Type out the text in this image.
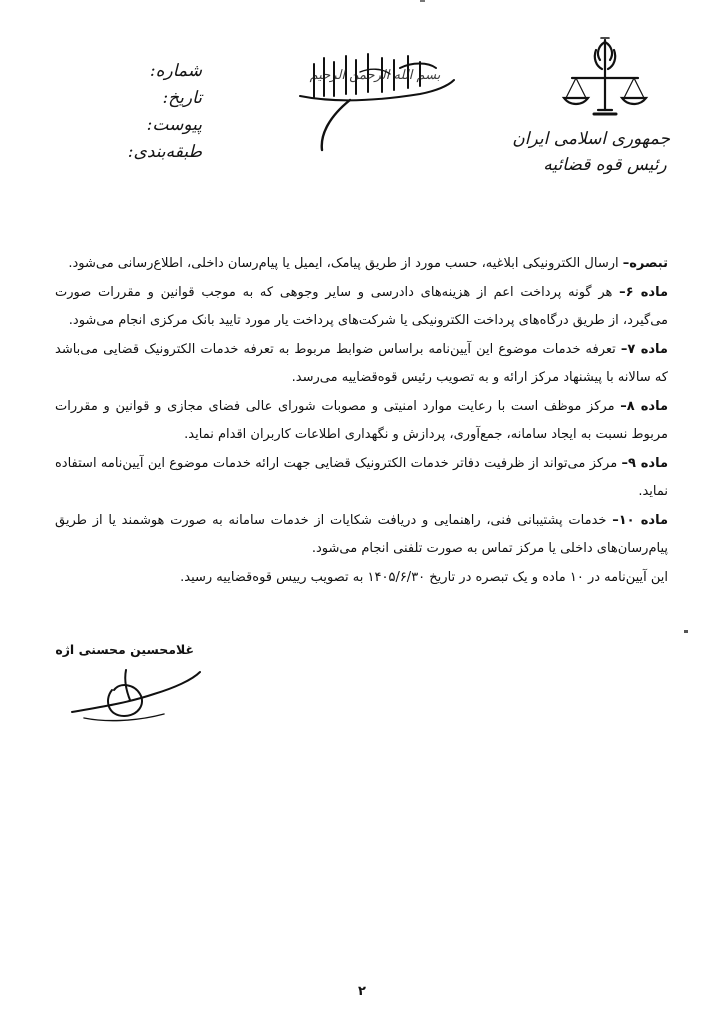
جمهوری اسلامی ایران
رئیس قوه قضائیه
بسم الله الرحمن الرحیم
شماره:
تاریخ:
پیوست:
طبقه‌بندی:

تبصره– ارسال الکترونیکی ابلاغیه، حسب مورد از طریق پیامک، ایمیل یا پیام‌رسان داخلی، اطلاع‌رسانی می‌شود.

ماده ۶– هر گونه پرداخت اعم از هزینه‌های دادرسی و سایر وجوهی که به موجب قوانین و مقررات صورت می‌گیرد، از طریق درگاه‌های پرداخت الکترونیکی یا شرکت‌های پرداخت یار مورد تایید بانک مرکزی انجام می‌شود.

ماده ۷– تعرفه خدمات موضوع این آیین‌نامه براساس ضوابط مربوط به تعرفه خدمات الکترونیک قضایی می‌باشد که سالانه با پیشنهاد مرکز ارائه و به تصویب رئیس قوه‌قضاییه می‌رسد.

ماده ۸– مرکز موظف است با رعایت موارد امنیتی و مصوبات شورای عالی فضای مجازی و قوانین و مقررات مربوط نسبت به ایجاد سامانه، جمع‌آوری، پردازش و نگهداری اطلاعات کاربران اقدام نماید.

ماده ۹– مرکز می‌تواند از ظرفیت دفاتر خدمات الکترونیک قضایی جهت ارائه خدمات موضوع این آیین‌نامه استفاده نماید.

ماده ۱۰– خدمات پشتیبانی فنی، راهنمایی و دریافت شکایات از خدمات سامانه به صورت هوشمند یا از طریق پیام‌رسان‌های داخلی یا مرکز تماس به صورت تلفنی انجام می‌شود.

این آیین‌نامه در ۱۰ ماده و یک تبصره در تاریخ ۱۴۰۵/۶/۳۰ به تصویب رییس قوه‌قضاییه رسید.

غلامحسین محسنی اژه
۲
